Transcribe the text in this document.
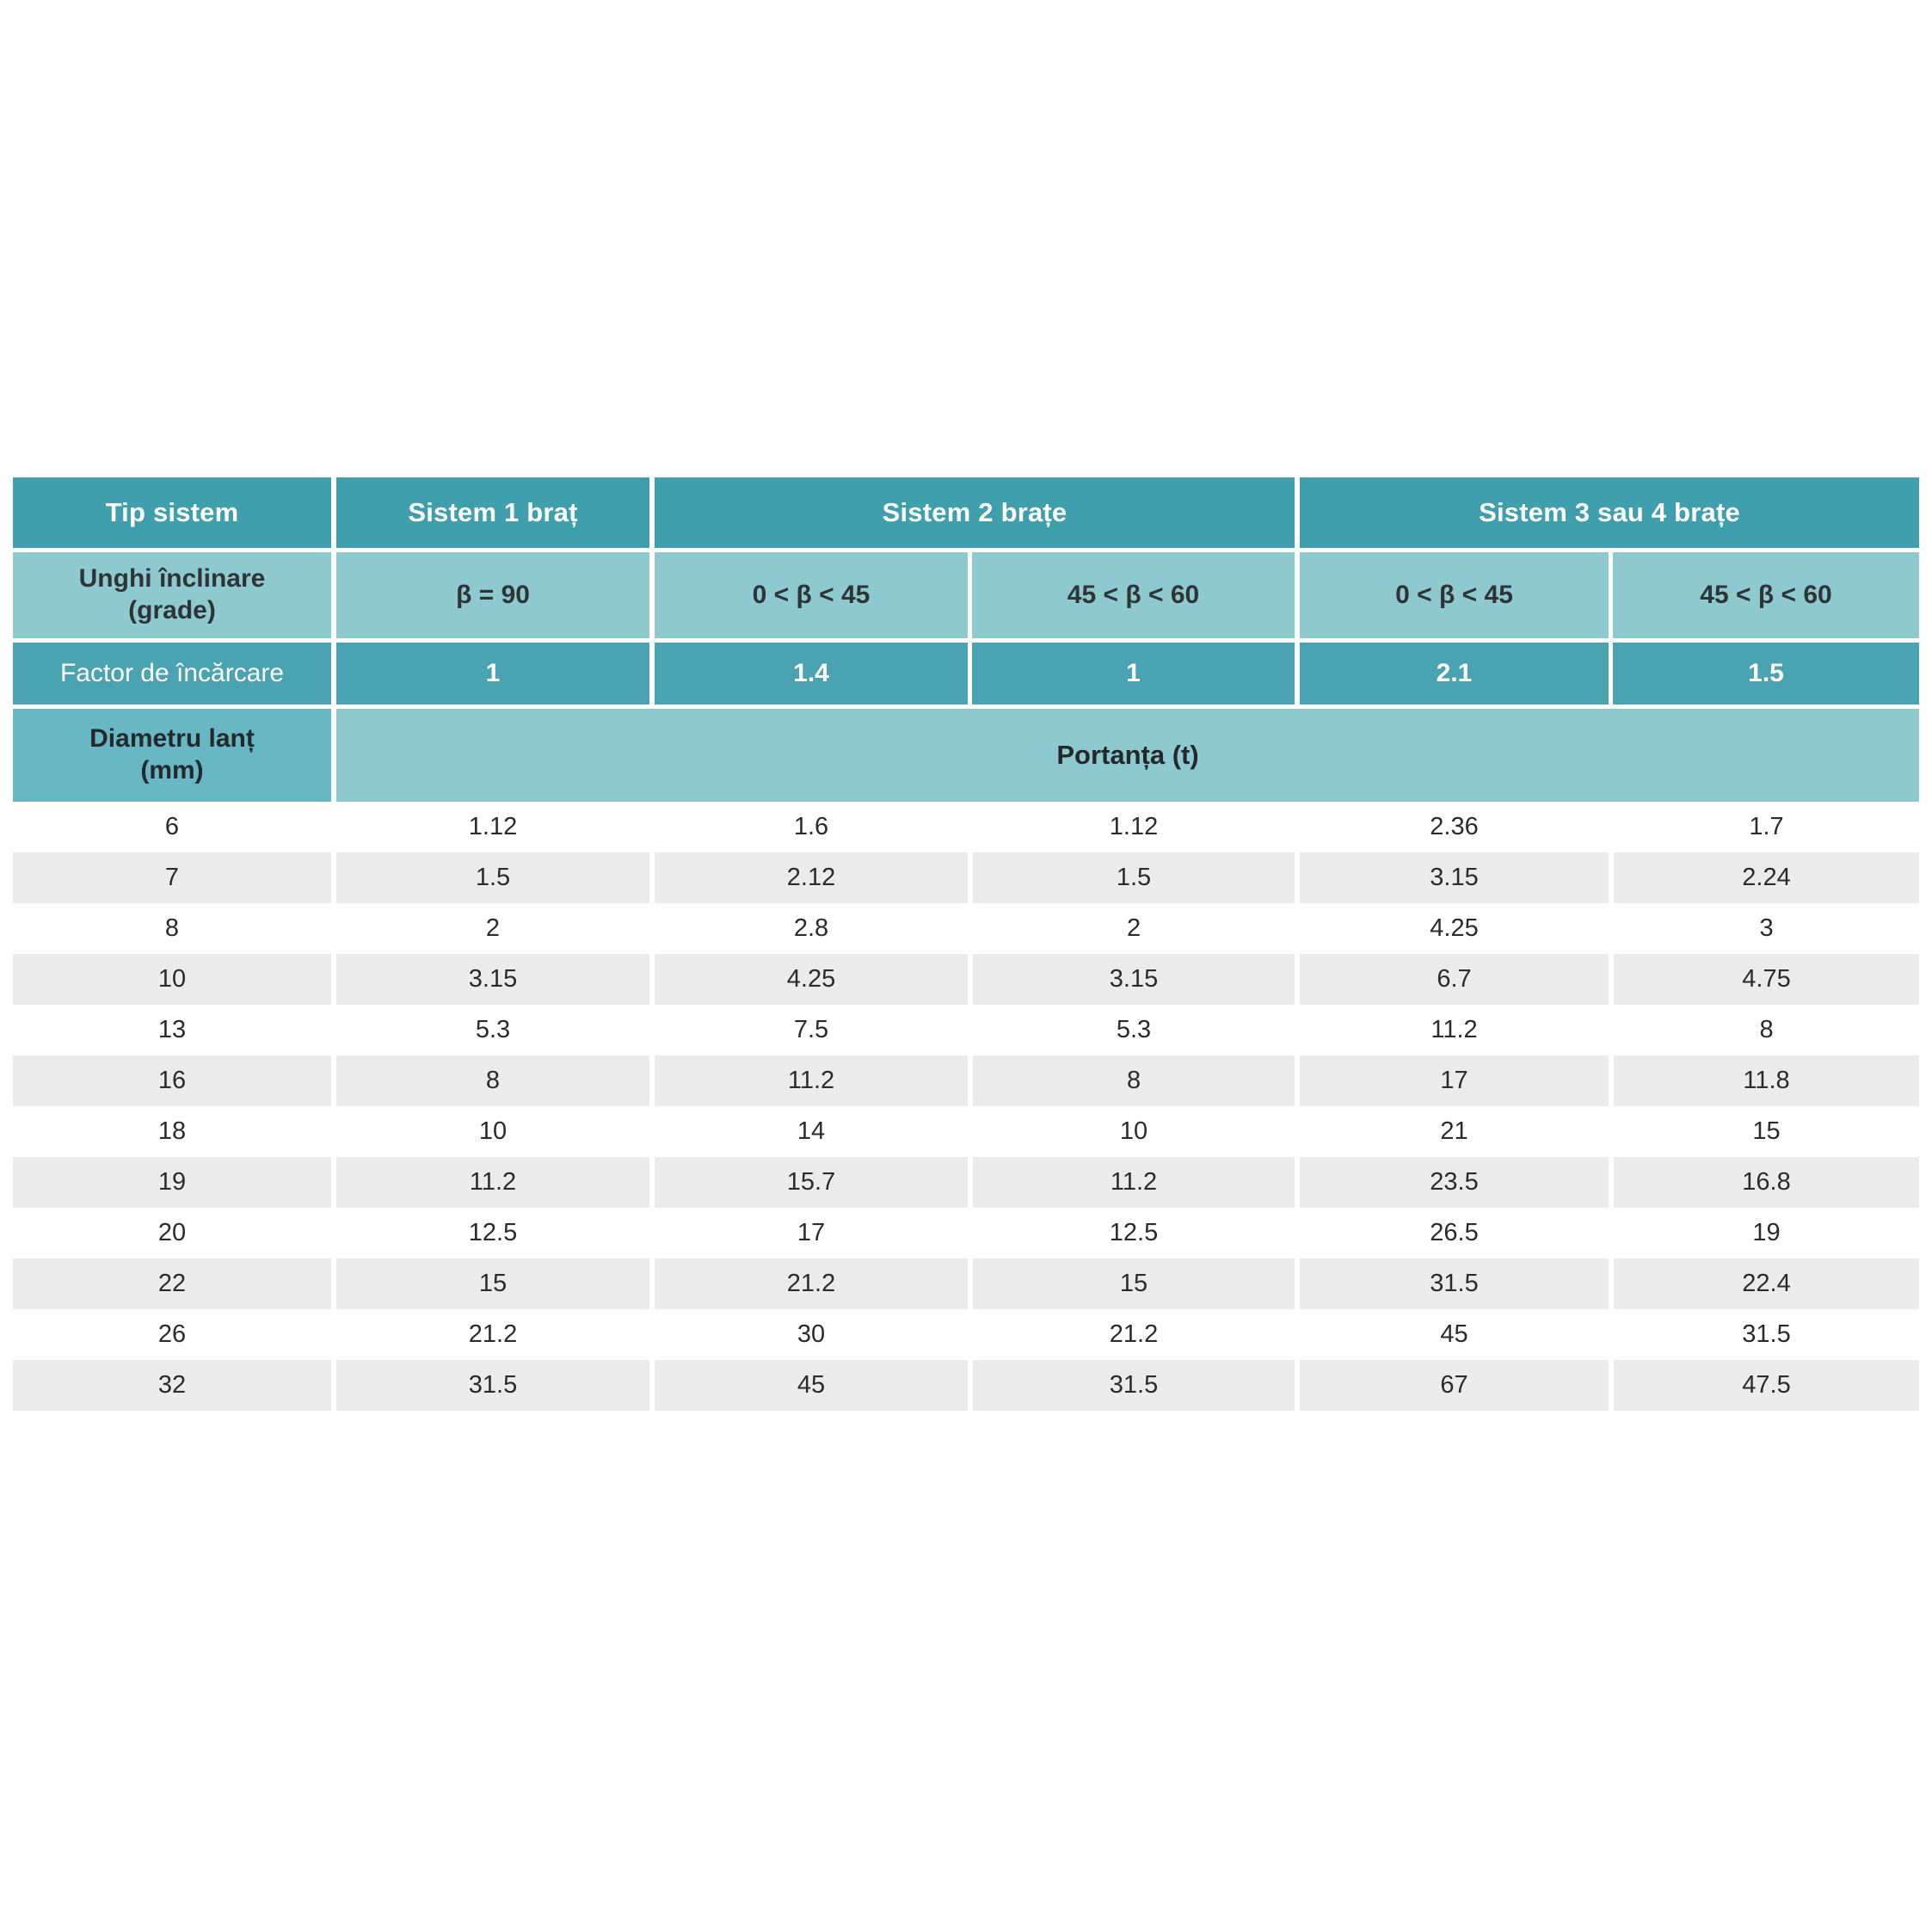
Tip sistem	Sistem 1 braț	Sistem 2 brațe		Sistem 3 sau 4 brațe	
Unghi înclinare
(grade)	β = 90	0 < β < 45	45 < β < 60	0 < β < 45	45 < β < 60
Factor de încărcare	1	1.4	1	2.1	1.5
Diametru lanț
(mm)	Portanța (t)				
6	1.12	1.6	1.12	2.36	1.7
7	1.5	2.12	1.5	3.15	2.24
8	2	2.8	2	4.25	3
10	3.15	4.25	3.15	6.7	4.75
13	5.3	7.5	5.3	11.2	8
16	8	11.2	8	17	11.8
18	10	14	10	21	15
19	11.2	15.7	11.2	23.5	16.8
20	12.5	17	12.5	26.5	19
22	15	21.2	15	31.5	22.4
26	21.2	30	21.2	45	31.5
32	31.5	45	31.5	67	47.5
